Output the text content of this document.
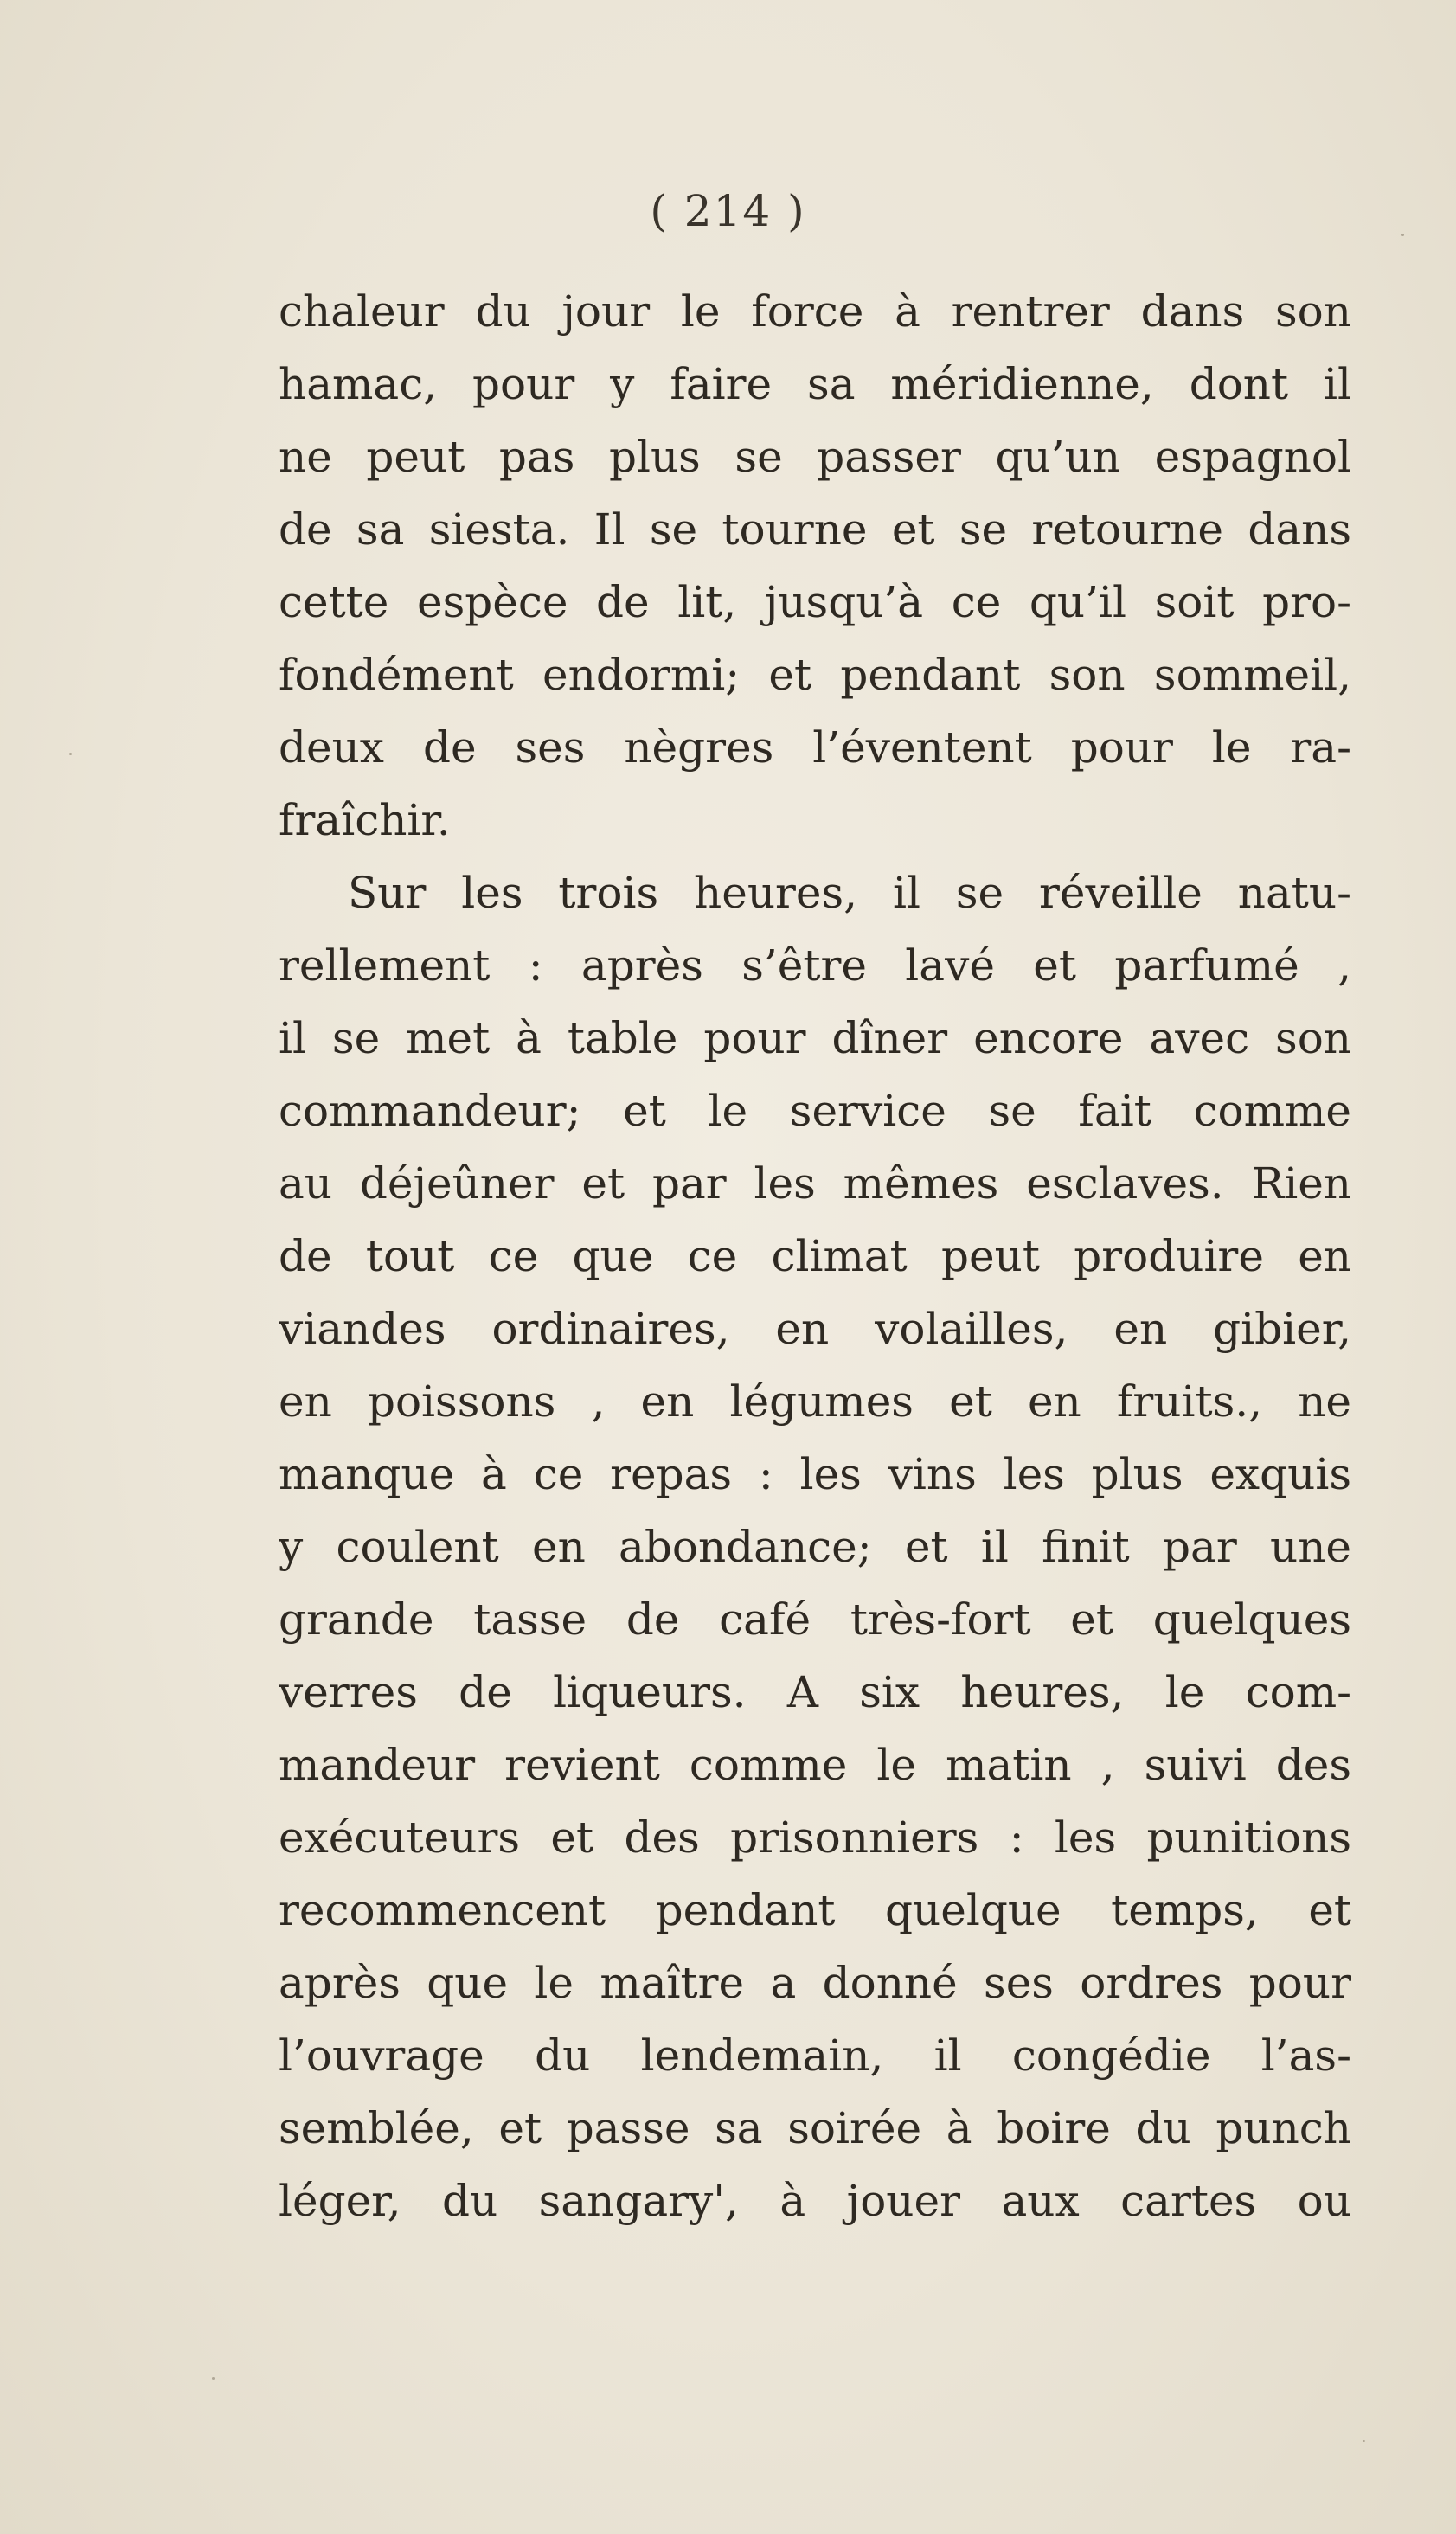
( 214 )
chaleur du jour le force à rentrer dans son
hamac, pour y faire sa méridienne, dont il
ne peut pas plus se passer qu’un espagnol
de sa siesta. Il se tourne et se retourne dans
cette espèce de lit, jusqu’à ce qu’il soit pro-
fondément endormi; et pendant son sommeil,
deux de ses nègres l’éventent pour le ra-
fraîchir.
Sur les trois heures, il se réveille natu-
rellement : après s’être lavé et parfumé ,
il se met à table pour dîner encore avec son
commandeur; et le service se fait comme
au déjeûner et par les mêmes esclaves. Rien
de tout ce que ce climat peut produire en
viandes ordinaires, en volailles, en gibier,
en poissons , en légumes et en fruits., ne
manque à ce repas : les vins les plus exquis
y coulent en abondance; et il finit par une
grande tasse de café très-fort et quelques
verres de liqueurs. A six heures, le com-
mandeur revient comme le matin , suivi des
exécuteurs et des prisonniers : les punitions
recommencent pendant quelque temps, et
après que le maître a donné ses ordres pour
l’ouvrage du lendemain, il congédie l’as-
semblée, et passe sa soirée à boire du punch
léger, du sangary', à jouer aux cartes ou
